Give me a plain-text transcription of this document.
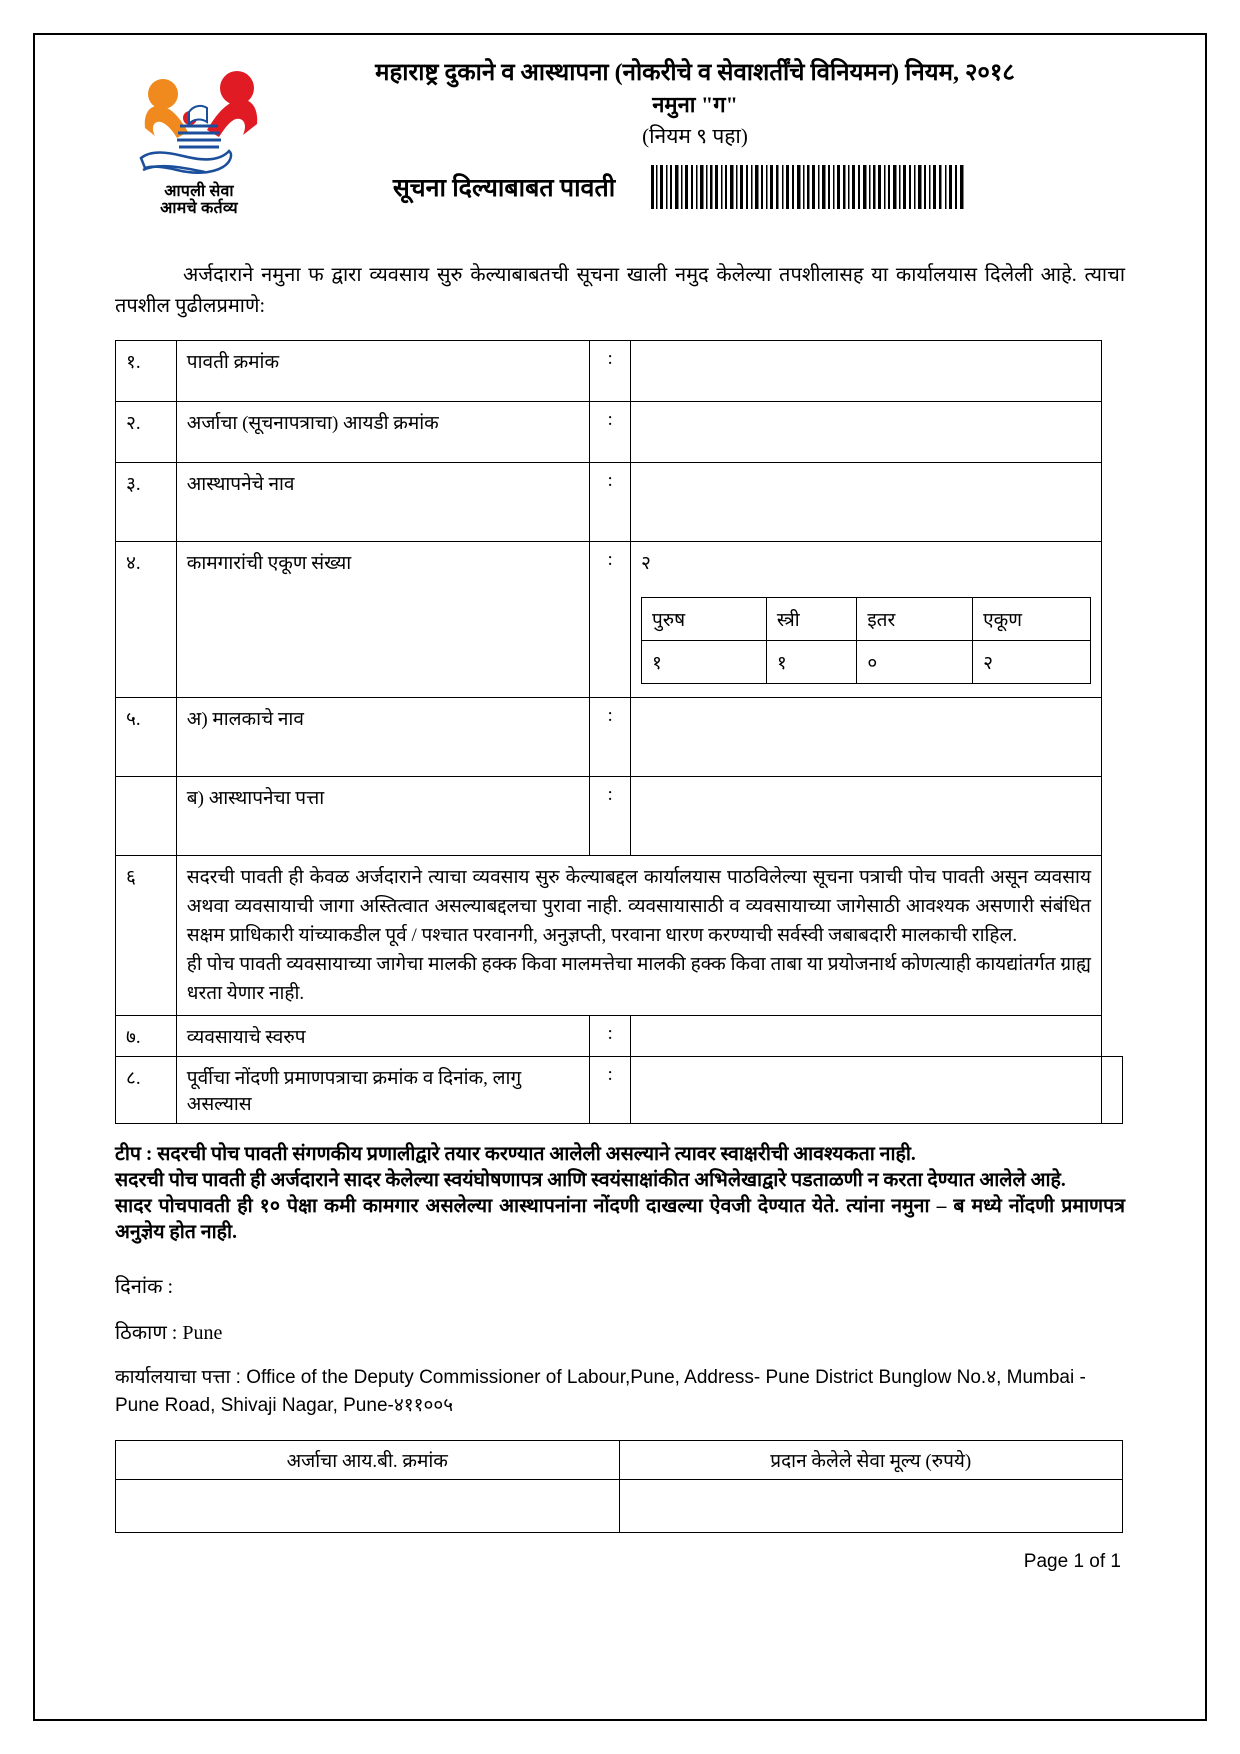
आपली सेवा
आमचे कर्तव्य
महाराष्ट्र दुकाने व आस्थापना (नोकरीचे व सेवाशर्तींचे विनियमन) नियम, २०१८
नमुना "ग"
(नियम ९ पहा)
सूचना दिल्याबाबत पावती
अर्जदाराने नमुना फ द्वारा व्यवसाय सुरु केल्याबाबतची सूचना खाली नमुद केलेल्या तपशीलासह या कार्यालयास दिलेली आहे. त्याचा तपशील पुढीलप्रमाणे:
१.	पावती क्रमांक	:	
२.	अर्जाचा (सूचनापत्राचा) आयडी क्रमांक	:	
३.	आस्थापनेचे नाव	:	
४.	कामगारांची एकूण संख्या	:	२
पुरुष	स्त्री	इतर	एकूण
१	१	०	२

५.	अ) मालकाचे नाव	:	
	ब) आस्थापनेचा पत्ता	:	
६	सदरची पावती ही केवळ अर्जदाराने त्याचा व्यवसाय सुरु केल्याबद्दल कार्यालयास पाठविलेल्या सूचना पत्राची पोच पावती असून व्यवसाय अथवा व्यवसायाची जागा अस्तित्वात असल्याबद्दलचा पुरावा नाही. व्यवसायासाठी व व्यवसायाच्या जागेसाठी आवश्यक असणारी संबंधित सक्षम प्राधिकारी यांच्याकडील पूर्व / पश्चात परवानगी, अनुज्ञप्ती, परवाना धारण करण्याची सर्वस्वी जबाबदारी मालकाची राहिल.

ही पोच पावती व्यवसायाच्या जागेचा मालकी हक्क किवा मालमत्तेचा मालकी हक्क किवा ताबा या प्रयोजनार्थ कोणत्याही कायद्यांतर्गत ग्राह्य धरता येणार नाही.

७.	व्यवसायाचे स्वरुप	:	
८.	पूर्वीचा नोंदणी प्रमाणपत्राचा क्रमांक व दिनांक, लागु असल्यास	:		
टीप : सदरची पोच पावती संगणकीय प्रणालीद्वारे तयार करण्यात आलेली असल्याने त्यावर स्वाक्षरीची आवश्यकता नाही.
सदरची पोच पावती ही अर्जदाराने सादर केलेल्या स्वयंघोषणापत्र आणि स्वयंसाक्षांकीत अभिलेखाद्वारे पडताळणी न करता देण्यात आलेले आहे.
सादर पोचपावती ही १० पेक्षा कमी कामगार असलेल्या आस्थापनांना नोंदणी दाखल्या ऐवजी देण्यात येते. त्यांना नमुना – ब मध्ये नोंदणी प्रमाणपत्र अनुज्ञेय होत नाही.
दिनांक :
ठिकाण : Pune
कार्यालयाचा पत्ता : Office of the Deputy Commissioner of Labour,Pune, Address- Pune District Bunglow No.४, Mumbai - Pune Road, Shivaji Nagar, Pune-४११००५
अर्जाचा आय.बी. क्रमांक	प्रदान केलेले सेवा मूल्य (रुपये)

Page 1 of 1
